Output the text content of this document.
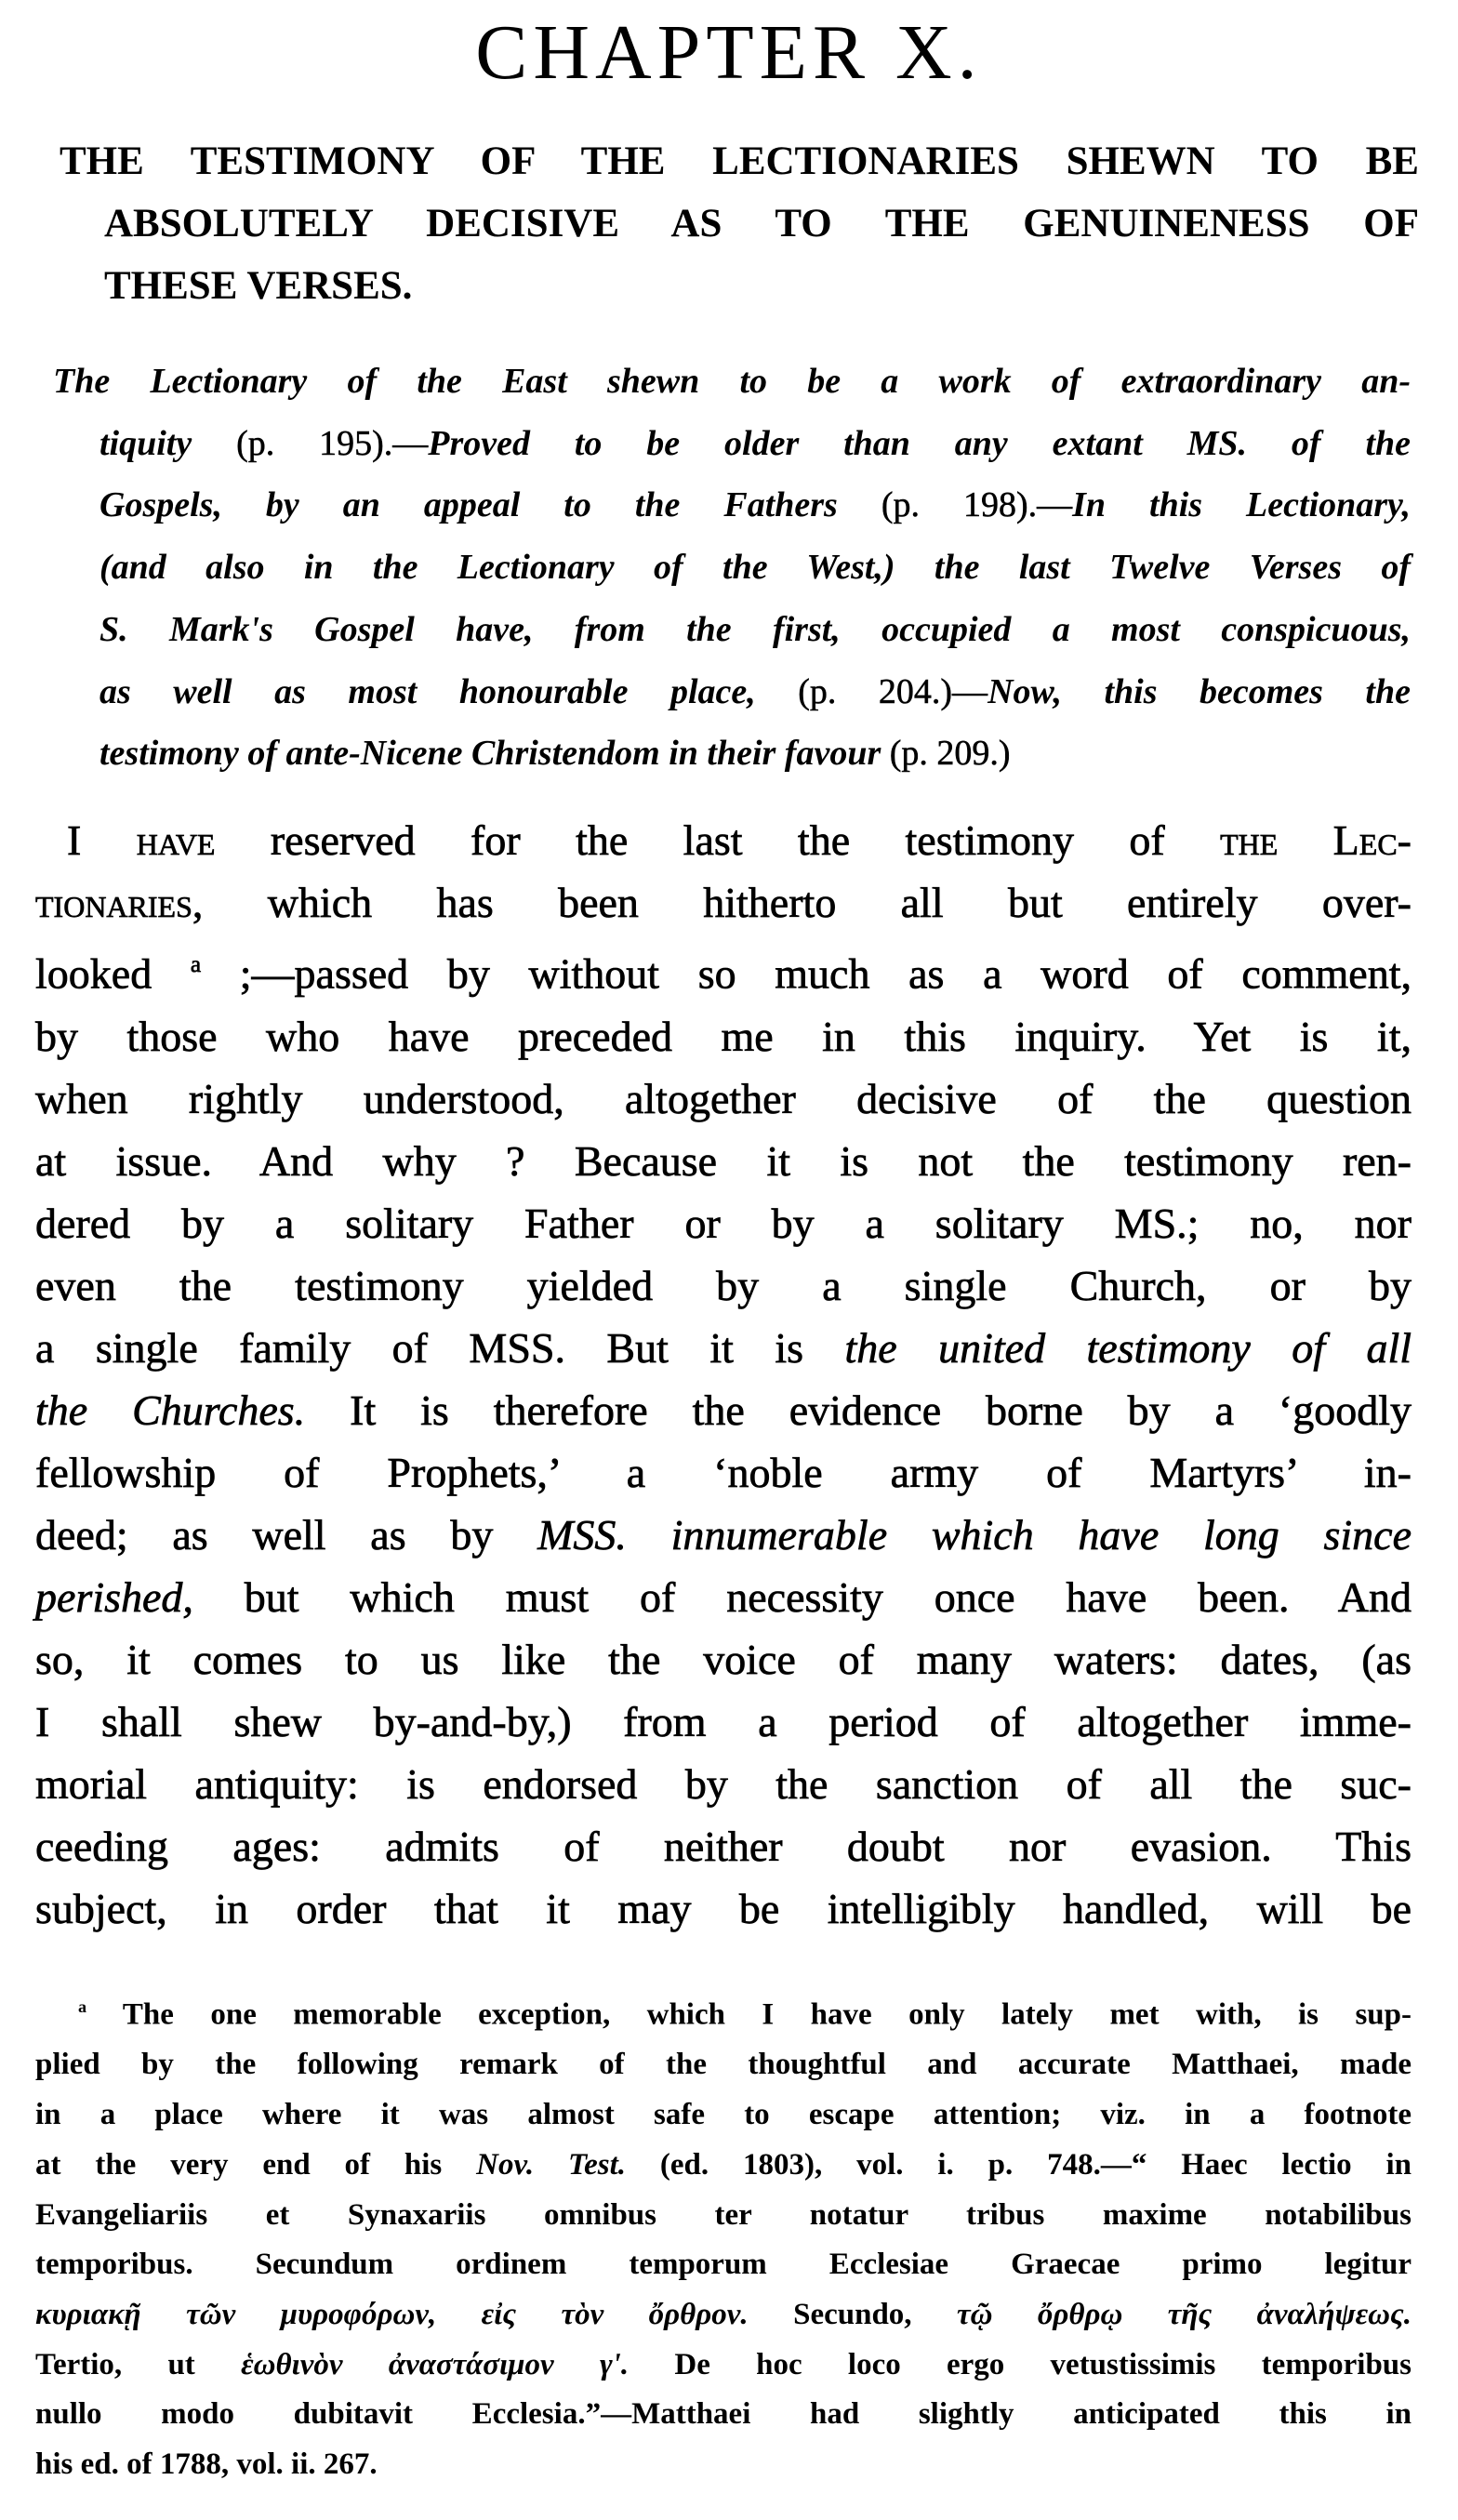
CHAPTER X.
THE TESTIMONY OF THE LECTIONARIES SHEWN TO BE
ABSOLUTELY DECISIVE AS TO THE GENUINENESS OF
THESE VERSES.
The Lectionary of the East shewn to be a work of extraordinary an-
tiquity (p. 195).—Proved to be older than any extant MS. of the
Gospels, by an appeal to the Fathers (p. 198).—In this Lectionary,
(and also in the Lectionary of the West,) the last Twelve Verses of
S. Mark's Gospel have, from the first, occupied a most conspicuous,
as well as most honourable place, (p. 204.)—Now, this becomes the
testimony of ante-Nicene Christendom in their favour (p. 209.)
I have reserved for the last the testimony of the Lec-
tionaries, which has been hitherto all but entirely over-
looked $^a$ ;—passed by without so much as a word of comment,
by those who have preceded me in this inquiry. Yet is it,
when rightly understood, altogether decisive of the question
at issue. And why ? Because it is not the testimony ren-
dered by a solitary Father or by a solitary MS.; no, nor
even the testimony yielded by a single Church, or by
a single family of MSS. But it is the united testimony of all
the Churches. It is therefore the evidence borne by a ‘goodly
fellowship of Prophets,’ a ‘noble army of Martyrs’ in-
deed; as well as by MSS. innumerable which have long since
perished, but which must of necessity once have been. And
so, it comes to us like the voice of many waters: dates, (as
I shall shew by-and-by,) from a period of altogether imme-
morial antiquity: is endorsed by the sanction of all the suc-
ceeding ages: admits of neither doubt nor evasion. This
subject, in order that it may be intelligibly handled, will be
$^a$ The one memorable exception, which I have only lately met with, is sup-
plied by the following remark of the thoughtful and accurate Matthaei, made
in a place where it was almost safe to escape attention; viz. in a footnote
at the very end of his Nov. Test. (ed. 1803), vol. i. p. 748.—“ Haec lectio in
Evangeliariis et Synaxariis omnibus ter notatur tribus maxime notabilibus
temporibus. Secundum ordinem temporum Ecclesiae Graecae primo legitur
κυριακῇ τῶν μυροφόρων, εἰς τὸν ὄρθρον. Secundo, τῷ ὄρθρῳ τῆς ἀναλήψεως.
Tertio, ut ἑωθινὸν ἀναστάσιμον γʹ. De hoc loco ergo vetustissimis temporibus
nullo modo dubitavit Ecclesia.”—Matthaei had slightly anticipated this in
his ed. of 1788, vol. ii. 267.
